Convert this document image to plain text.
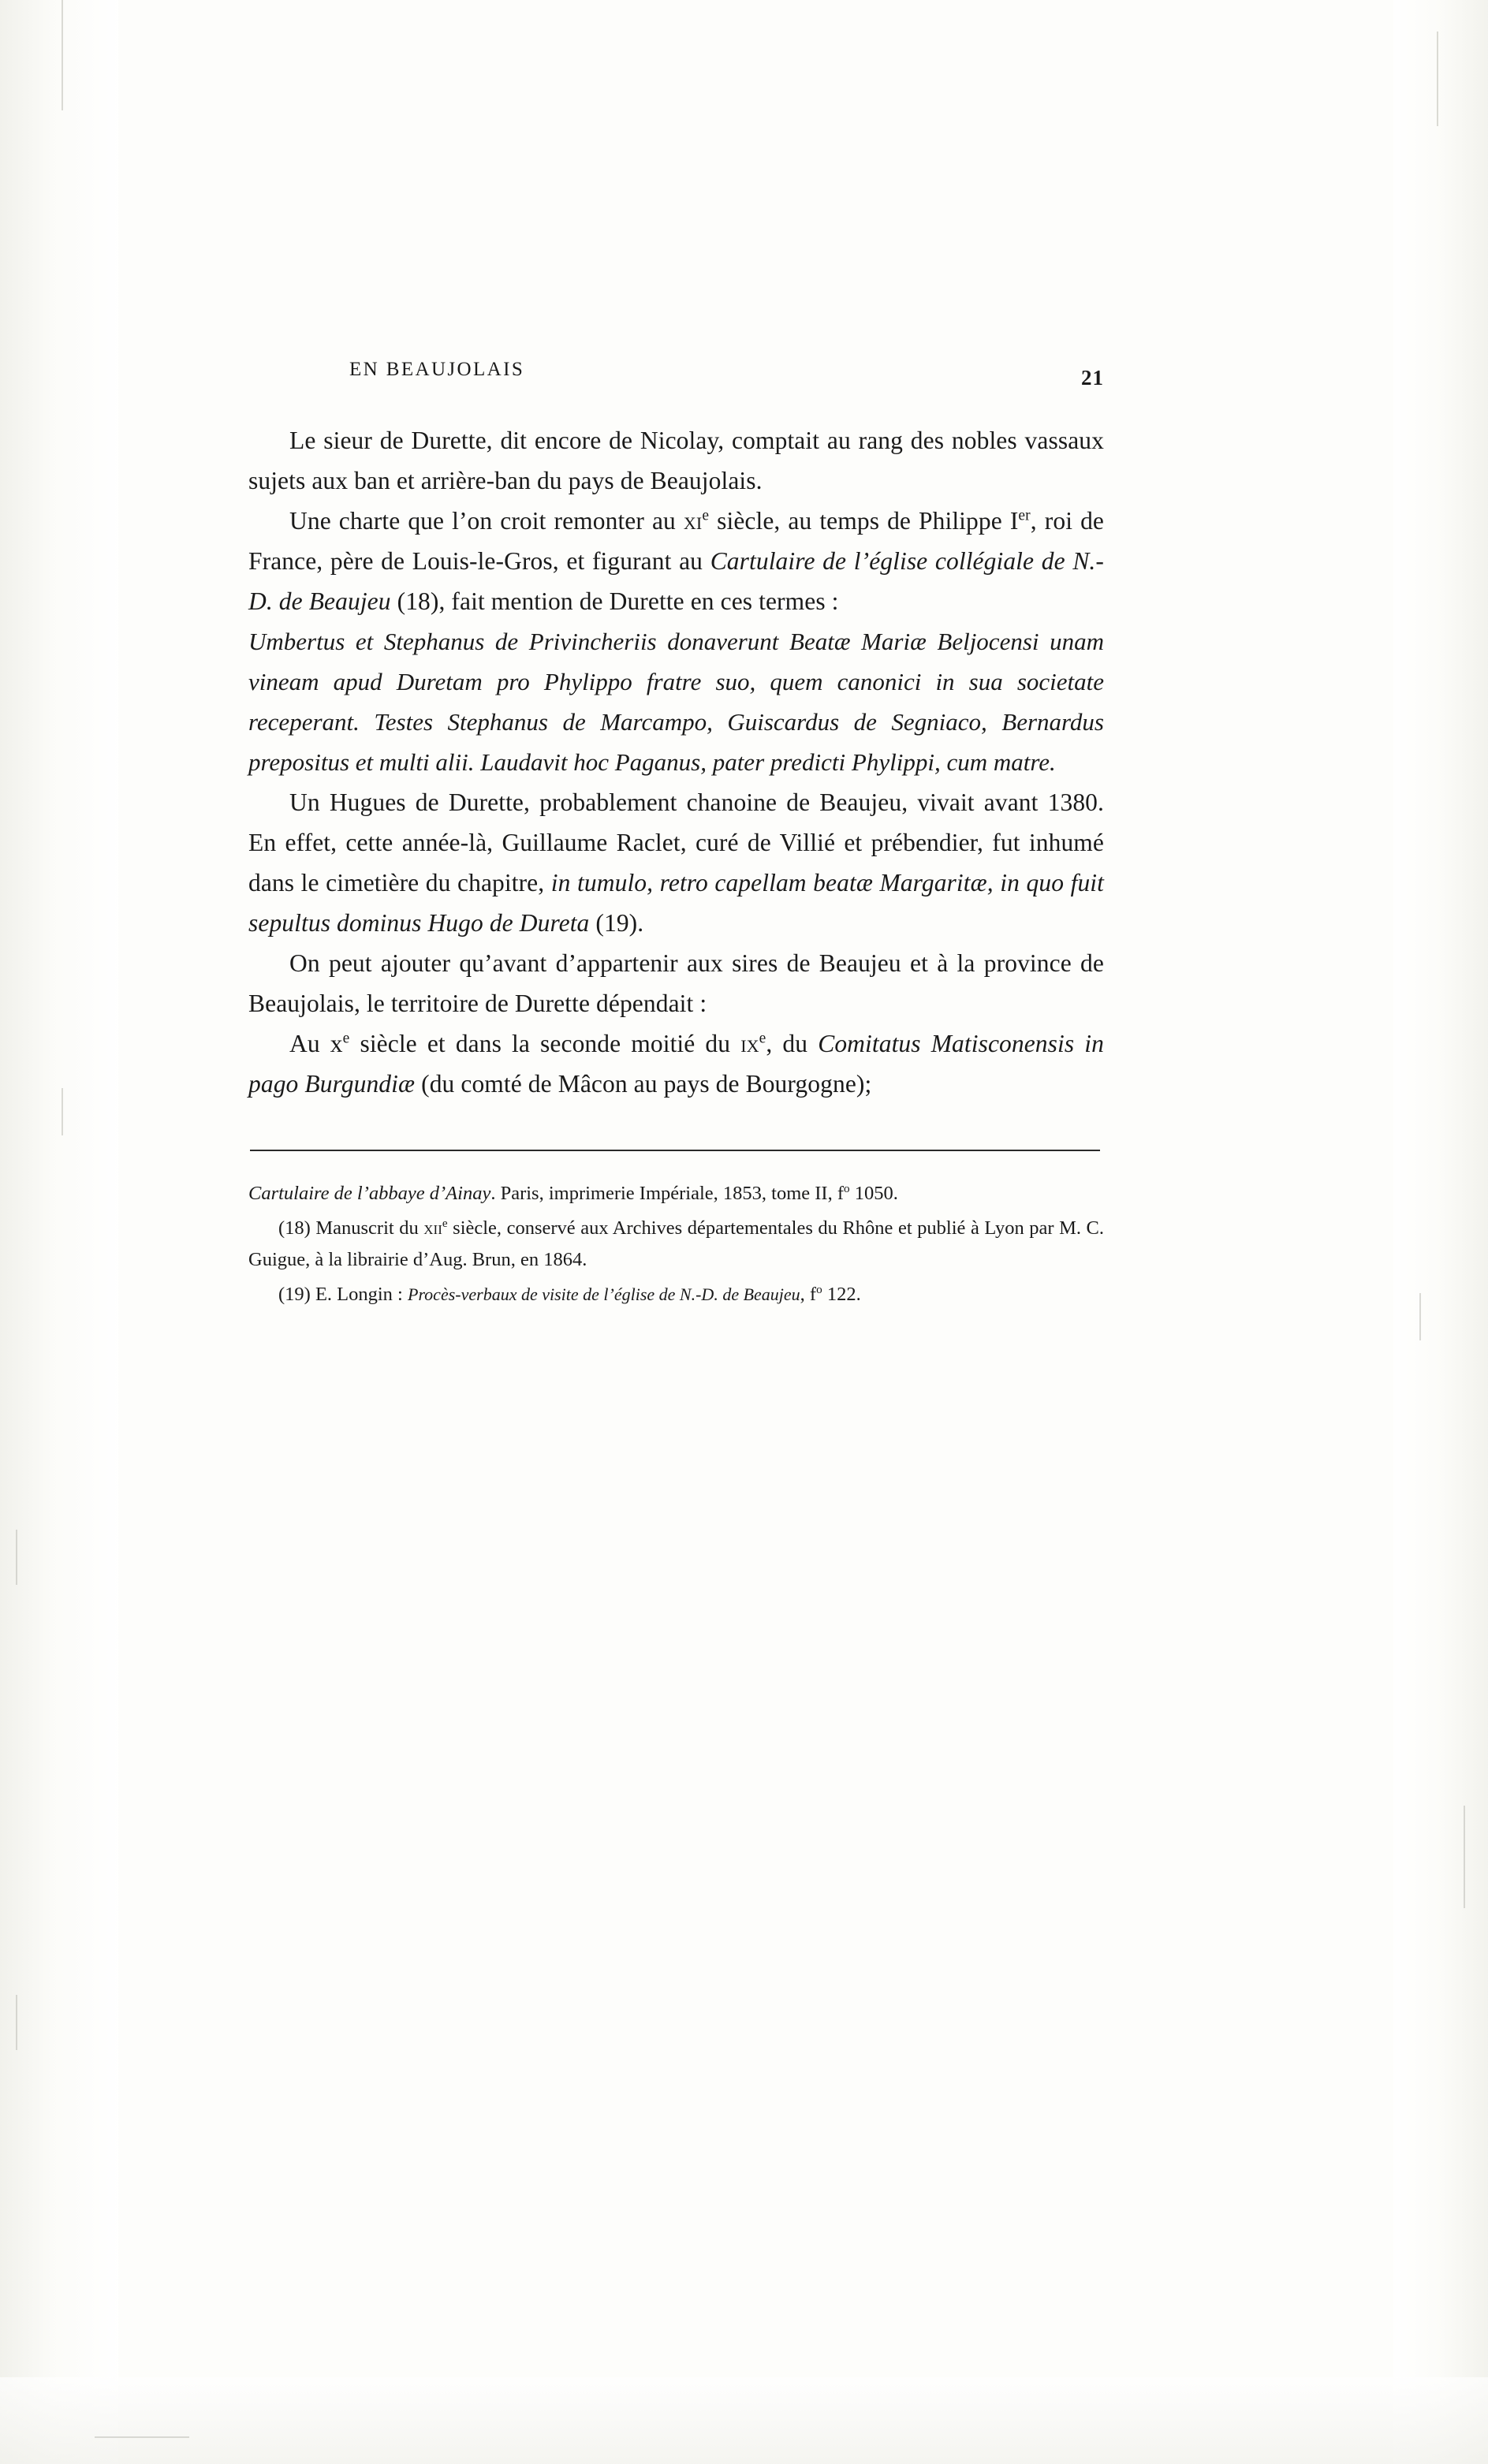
EN BEAUJOLAIS	21

Le sieur de Durette, dit encore de Nicolay, comptait au rang des nobles vassaux sujets aux ban et arrière-ban du pays de Beaujolais.

Une charte que l’on croit remonter au $xi^e$ siècle, au temps de Philippe Ier, roi de France, père de Louis-le-Gros, et figurant au Cartulaire de l’église collégiale de N.-D. de Beaujeu (18), fait mention de Durette en ces termes :

Umbertus et Stephanus de Privincheriis donaverunt Beatæ Mariæ Beljocensi unam vineam apud Duretam pro Phylippo fratre suo, quem canonici in sua societate receperant. Testes Stephanus de Marcampo, Guiscardus de Segniaco, Bernardus prepositus et multi alii. Laudavit hoc Paganus, pater predicti Phylippi, cum matre.

Un Hugues de Durette, probablement chanoine de Beaujeu, vivait avant 1380. En effet, cette année-là, Guillaume Raclet, curé de Villié et prébendier, fut inhumé dans le cimetière du chapitre, in tumulo, retro capellam beatæ Margaritæ, in quo fuit sepultus dominus Hugo de Dureta (19).

On peut ajouter qu’avant d’appartenir aux sires de Beaujeu et à la province de Beaujolais, le territoire de Durette dépendait :

Au $x^e$ siècle et dans la seconde moitié du $ix^e$, du Comitatus Matisconensis in pago Burgundiæ (du comté de Mâcon au pays de Bourgogne);

Cartulaire de l’abbaye d’Ainay. Paris, imprimerie Impériale, 1853, tome II, $f^o$ 1050.

(18) Manuscrit du xii$^e$ siècle, conservé aux Archives départementales du Rhône et publié à Lyon par M. C. Guigue, à la librairie d’Aug. Brun, en 1864.

(19) E. Longin : Procès-verbaux de visite de l’église de N.-D. de Beaujeu, $f^o$ 122.
